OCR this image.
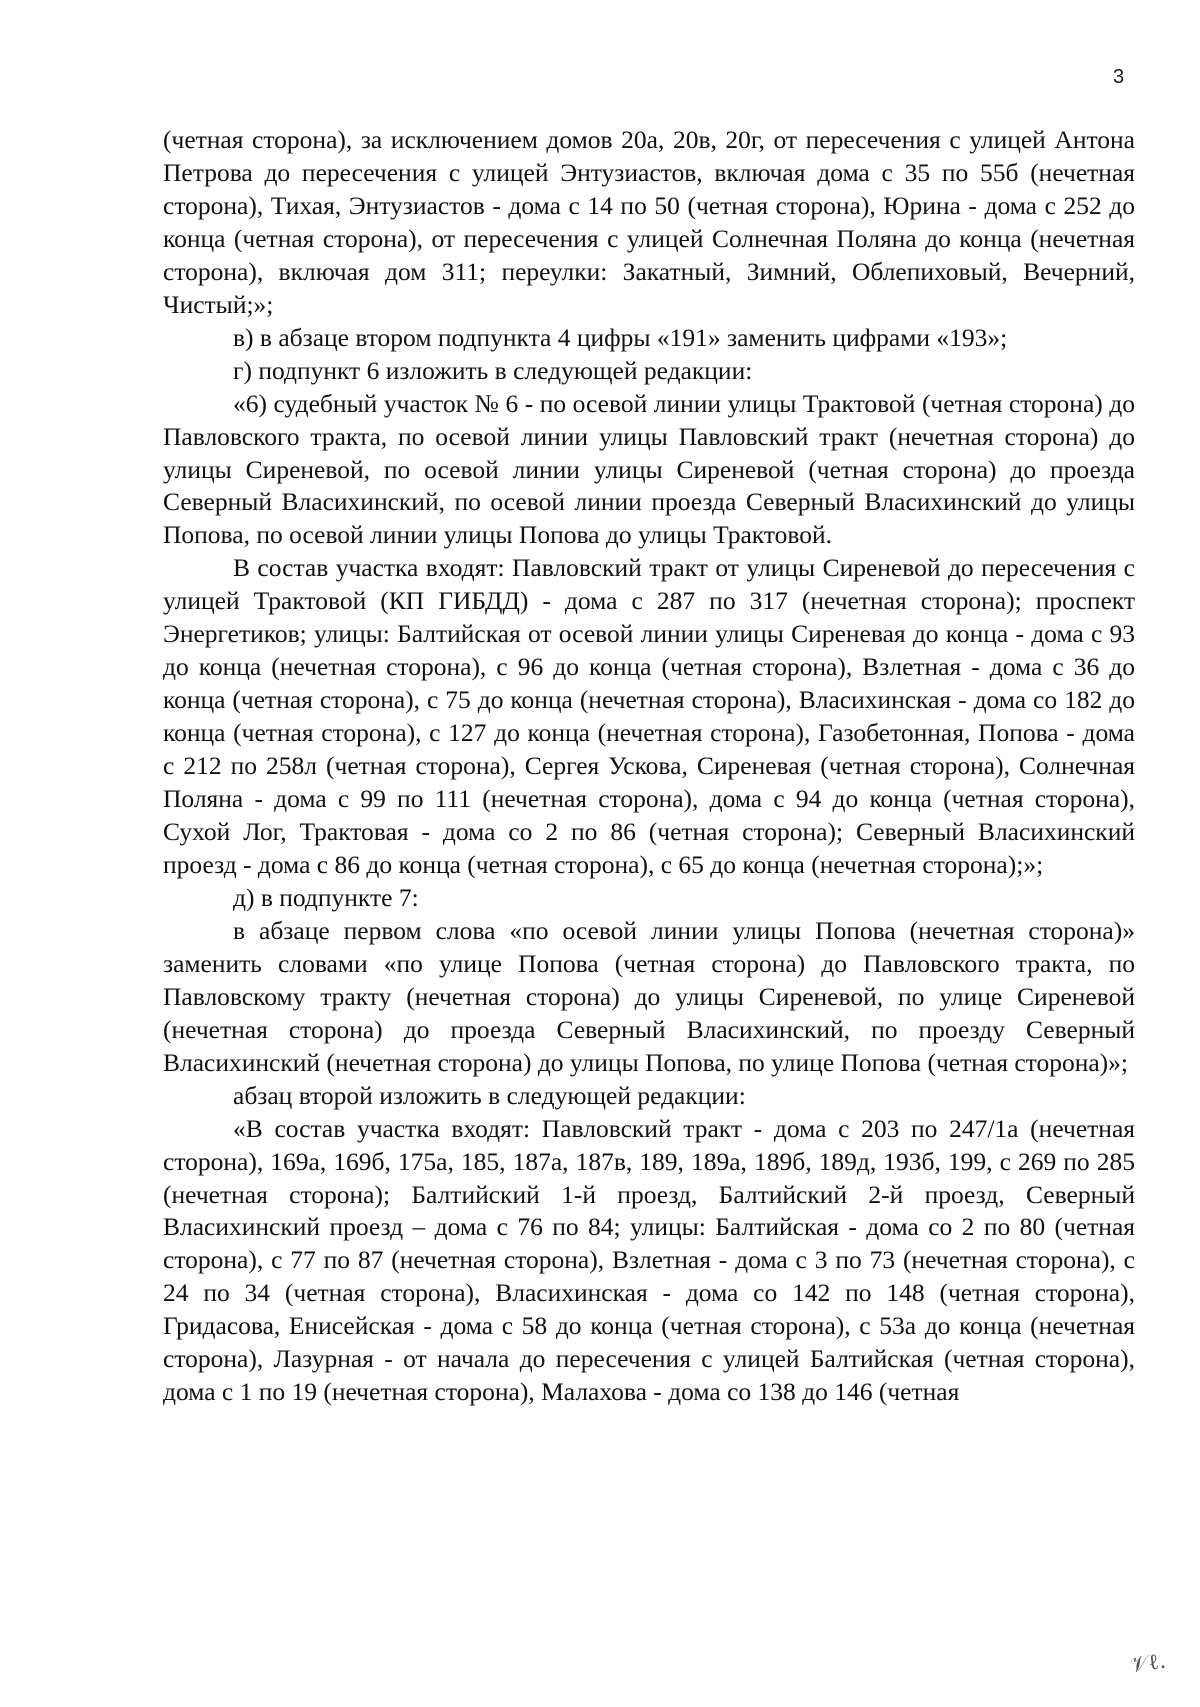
3

(четная сторона), за исключением домов 20а, 20в, 20г, от пересечения с улицей Антона Петрова до пересечения с улицей Энтузиастов, включая дома с 35 по 55б (нечетная сторона), Тихая, Энтузиастов - дома с 14 по 50 (четная сторона), Юрина - дома с 252 до конца (четная сторона), от пересечения с улицей Солнечная Поляна до конца (нечетная сторона), включая дом 311; переулки: Закатный, Зимний, Облепиховый, Вечерний, Чистый;»;

в) в абзаце втором подпункта 4 цифры «191» заменить цифрами «193»;

г) подпункт 6 изложить в следующей редакции:

«6) судебный участок № 6 - по осевой линии улицы Трактовой (четная сторона) до Павловского тракта, по осевой линии улицы Павловский тракт (нечетная сторона) до улицы Сиреневой, по осевой линии улицы Сиреневой (четная сторона) до проезда Северный Власихинский, по осевой линии проезда Северный Власихинский до улицы Попова, по осевой линии улицы Попова до улицы Трактовой.

В состав участка входят: Павловский тракт от улицы Сиреневой до пересечения с улицей Трактовой (КП ГИБДД) - дома с 287 по 317 (нечетная сторона); проспект Энергетиков; улицы: Балтийская от осевой линии улицы Сиреневая до конца - дома с 93 до конца (нечетная сторона), с 96 до конца (четная сторона), Взлетная - дома с 36 до конца (четная сторона), с 75 до конца (нечетная сторона), Власихинская - дома со 182 до конца (четная сторона), с 127 до конца (нечетная сторона), Газобетонная, Попова - дома с 212 по 258л (четная сторона), Сергея Ускова, Сиреневая (четная сторона), Солнечная Поляна - дома с 99 по 111 (нечетная сторона), дома с 94 до конца (четная сторона), Сухой Лог, Трактовая - дома со 2 по 86 (четная сторона); Северный Власихинский проезд - дома с 86 до конца (четная сторона), с 65 до конца (нечетная сторона);»;

д) в подпункте 7:

в абзаце первом слова «по осевой линии улицы Попова (нечетная сторона)» заменить словами «по улице Попова (четная сторона) до Павловского тракта, по Павловскому тракту (нечетная сторона) до улицы Сиреневой, по улице Сиреневой (нечетная сторона) до проезда Северный Власихинский, по проезду Северный Власихинский (нечетная сторона) до улицы Попова, по улице Попова (четная сторона)»;

абзац второй изложить в следующей редакции:

«В состав участка входят: Павловский тракт - дома с 203 по 247/1а (нечетная сторона), 169а, 169б, 175а, 185, 187а, 187в, 189, 189а, 189б, 189д, 193б, 199, с 269 по 285 (нечетная сторона); Балтийский 1-й проезд, Балтийский 2-й проезд, Северный Власихинский проезд – дома с 76 по 84; улицы: Балтийская - дома со 2 по 80 (четная сторона), с 77 по 87 (нечетная сторона), Взлетная - дома с 3 по 73 (нечетная сторона), с 24 по 34 (четная сторона), Власихинская - дома со 142 по 148 (четная сторона), Гридасова, Енисейская - дома с 58 до конца (четная сторона), с 53а до конца (нечетная сторона), Лазурная - от начала до пересечения с улицей Балтийская (четная сторона), дома с 1 по 19 (нечетная сторона), Малахова - дома со 138 до 146 (четная

𝒱ℓ.
